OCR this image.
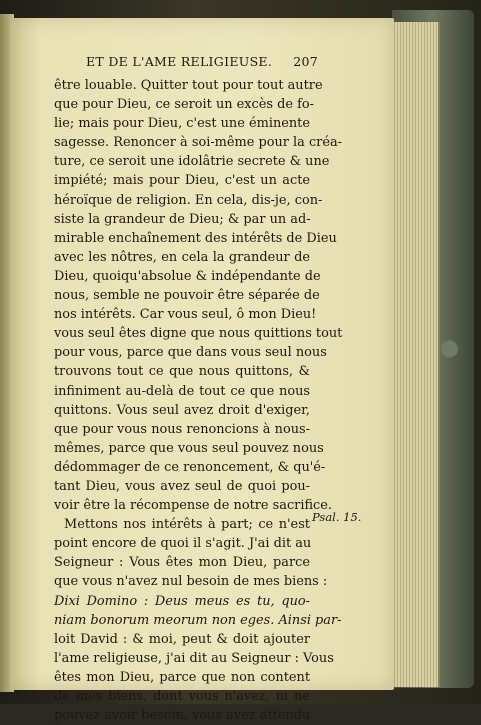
ET DE L'AME RELIGIEUSE. 207
être louable. Quitter tout pour tout autre
que pour Dieu, ce seroit un excès de fo-
lie; mais pour Dieu, c'est une éminente
sagesse. Renoncer à soi-même pour la créa-
ture, ce seroit une idolâtrie secrete & une
impiété; mais pour Dieu, c'est un acte
héroïque de religion. En cela, dis-je, con-
siste la grandeur de Dieu; & par un ad-
mirable enchaînement des intérêts de Dieu
avec les nôtres, en cela la grandeur de
Dieu, quoiqu'absolue & indépendante de
nous, semble ne pouvoir être séparée de
nos intérêts. Car vous seul, ô mon Dieu!
vous seul êtes digne que nous quittions tout
pour vous, parce que dans vous seul nous
trouvons tout ce que nous quittons, &
infiniment au-delà de tout ce que nous
quittons. Vous seul avez droit d'exiger,
que pour vous nous renoncions à nous-
mêmes, parce que vous seul pouvez nous
dédommager de ce renoncement, & qu'é-
tant Dieu, vous avez seul de quoi pou-
voir être la récompense de notre sacrifice.
Mettons nos intérêts à part; ce n'est
point encore de quoi il s'agit. J'ai dit au
Seigneur : Vous êtes mon Dieu, parce
que vous n'avez nul besoin de mes biens :
Dixi Domino : Deus meus es tu, quo-
niam bonorum meorum non eges. Ainsi par-
loit David : & moi, peut & doit ajouter
l'ame religieuse, j'ai dit au Seigneur : Vous
êtes mon Dieu, parce que non content
de mes biens, dont vous n'avez, ni ne
pouvez avoir besoin, vous avez attendu
Psal. 15.
